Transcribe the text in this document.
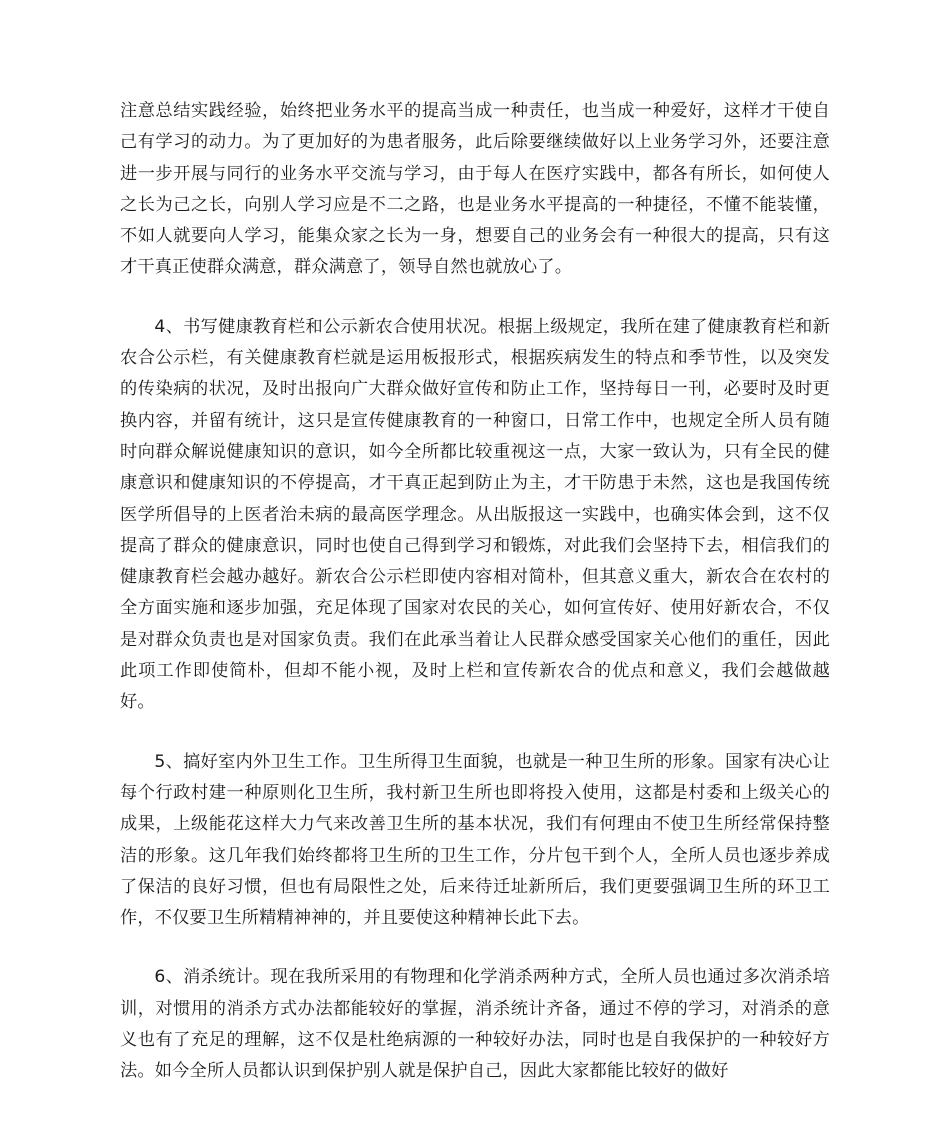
注意总结实践经验，始终把业务水平的提高当成一种责任，也当成一种爱好，这样才干使自己有学习的动力。为了更加好的为患者服务，此后除要继续做好以上业务学习外，还要注意进一步开展与同行的业务水平交流与学习，由于每人在医疗实践中，都各有所长，如何使人之长为己之长，向别人学习应是不二之路，也是业务水平提高的一种捷径，不懂不能装懂，不如人就要向人学习，能集众家之长为一身，想要自己的业务会有一种很大的提高，只有这才干真正使群众满意，群众满意了，领导自然也就放心了。

4、书写健康教育栏和公示新农合使用状况。根据上级规定，我所在建了健康教育栏和新农合公示栏，有关健康教育栏就是运用板报形式，根据疾病发生的特点和季节性，以及突发的传染病的状况，及时出报向广大群众做好宣传和防止工作，坚持每日一刊，必要时及时更换内容，并留有统计，这只是宣传健康教育的一种窗口，日常工作中，也规定全所人员有随时向群众解说健康知识的意识，如今全所都比较重视这一点，大家一致认为，只有全民的健康意识和健康知识的不停提高，才干真正起到防止为主，才干防患于未然，这也是我国传统医学所倡导的上医者治未病的最高医学理念。从出版报这一实践中，也确实体会到，这不仅提高了群众的健康意识，同时也使自己得到学习和锻炼，对此我们会坚持下去，相信我们的健康教育栏会越办越好。新农合公示栏即使内容相对简朴，但其意义重大，新农合在农村的全方面实施和逐步加强，充足体现了国家对农民的关心，如何宣传好、使用好新农合，不仅是对群众负责也是对国家负责。我们在此承当着让人民群众感受国家关心他们的重任，因此此项工作即使简朴，但却不能小视，及时上栏和宣传新农合的优点和意义，我们会越做越好。

5、搞好室内外卫生工作。卫生所得卫生面貌，也就是一种卫生所的形象。国家有决心让每个行政村建一种原则化卫生所，我村新卫生所也即将投入使用，这都是村委和上级关心的成果，上级能花这样大力气来改善卫生所的基本状况，我们有何理由不使卫生所经常保持整洁的形象。这几年我们始终都将卫生所的卫生工作，分片包干到个人，全所人员也逐步养成了保洁的良好习惯，但也有局限性之处，后来待迁址新所后，我们更要强调卫生所的环卫工作，不仅要卫生所精精神神的，并且要使这种精神长此下去。

6、消杀统计。现在我所采用的有物理和化学消杀两种方式，全所人员也通过多次消杀培训，对惯用的消杀方式办法都能较好的掌握，消杀统计齐备，通过不停的学习，对消杀的意义也有了充足的理解，这不仅是杜绝病源的一种较好办法，同时也是自我保护的一种较好方法。如今全所人员都认识到保护别人就是保护自己，因此大家都能比较好的做好
